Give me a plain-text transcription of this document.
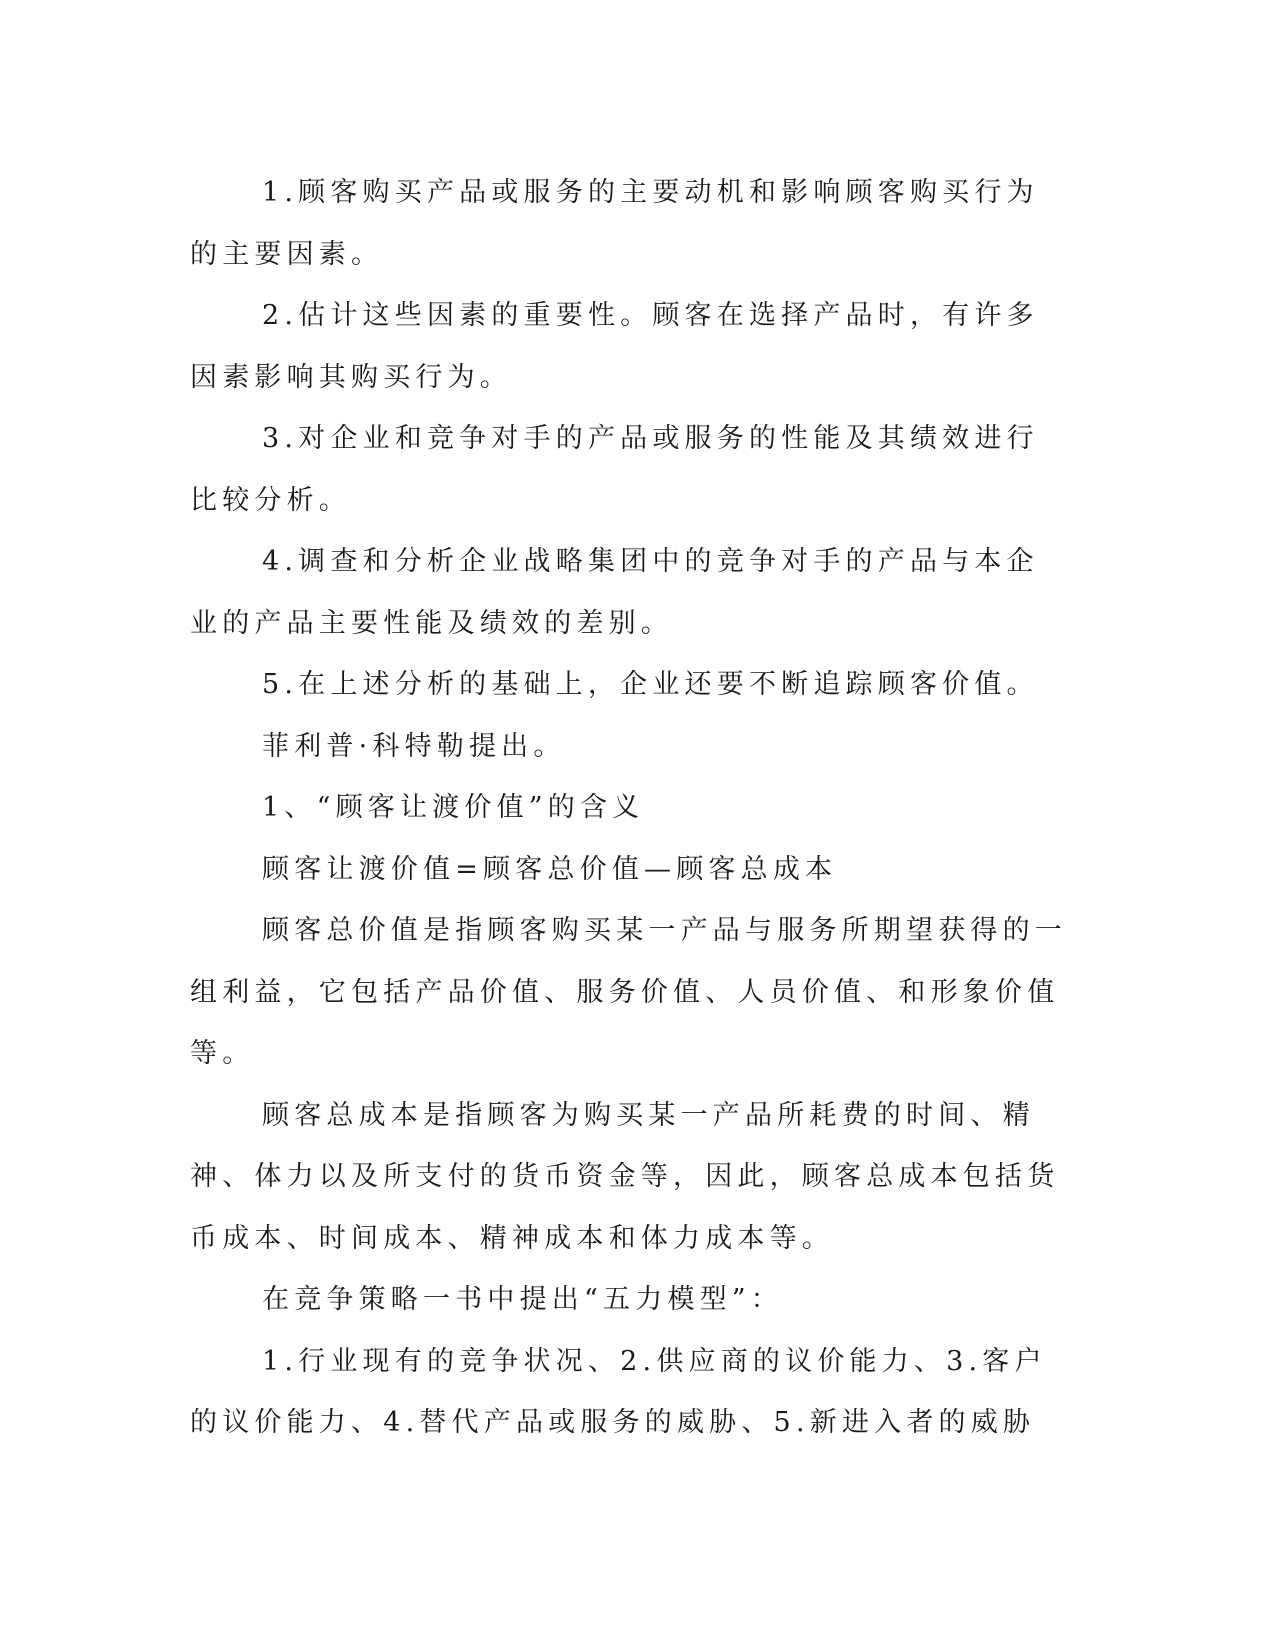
1.顾客购买产品或服务的主要动机和影响顾客购买行为的主要因素。

2.估计这些因素的重要性。顾客在选择产品时，有许多因素影响其购买行为。

3.对企业和竞争对手的产品或服务的性能及其绩效进行比较分析。

4.调查和分析企业战略集团中的竞争对手的产品与本企业的产品主要性能及绩效的差别。

5.在上述分析的基础上，企业还要不断追踪顾客价值。

菲利普·科特勒提出。

1、“顾客让渡价值”的含义

顾客让渡价值=顾客总价值—顾客总成本

顾客总价值是指顾客购买某一产品与服务所期望获得的一组利益，它包括产品价值、服务价值、人员价值、和形象价值等。

顾客总成本是指顾客为购买某一产品所耗费的时间、精神、体力以及所支付的货币资金等，因此，顾客总成本包括货币成本、时间成本、精神成本和体力成本等。

在竞争策略一书中提出“五力模型”：

1.行业现有的竞争状况、2.供应商的议价能力、3.客户的议价能力、4.替代产品或服务的威胁、5.新进入者的威胁
